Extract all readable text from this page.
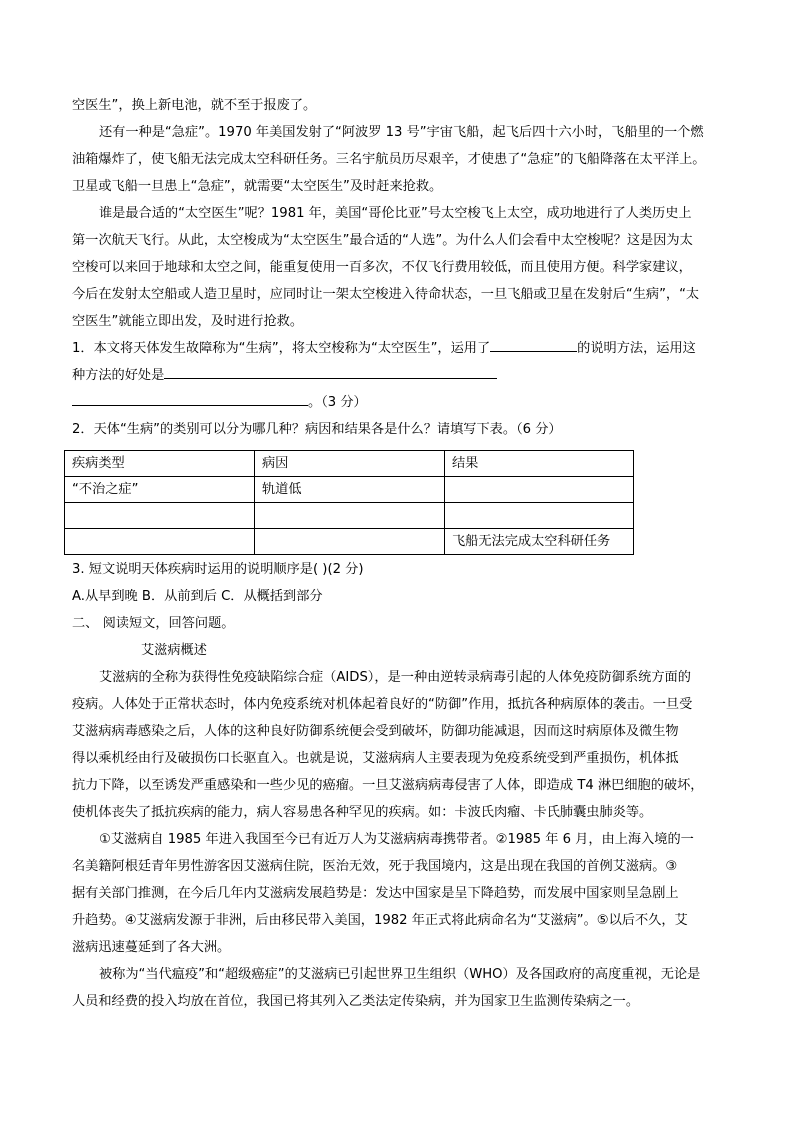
空医生”，换上新电池，就不至于报废了。
还有一种是“急症”。1970 年美国发射了“阿波罗 13 号”宇宙飞船，起飞后四十六小时，飞船里的一个燃
油箱爆炸了，使飞船无法完成太空科研任务。三名宇航员历尽艰辛，才使患了“急症”的飞船降落在太平洋上。
卫星或飞船一旦患上“急症”，就需要“太空医生”及时赶来抢救。
谁是最合适的“太空医生”呢？1981 年，美国“哥伦比亚”号太空梭飞上太空，成功地进行了人类历史上
第一次航天飞行。从此，太空梭成为“太空医生”最合适的“人选”。为什么人们会看中太空梭呢？这是因为太
空梭可以来回于地球和太空之间，能重复使用一百多次，不仅飞行费用较低，而且使用方便。科学家建议，
今后在发射太空船或人造卫星时，应同时让一架太空梭进入待命状态，一旦飞船或卫星在发射后“生病”，“太
空医生”就能立即出发，及时进行抢救。
1．本文将天体发生故障称为“生病”，将太空梭称为“太空医生”，运用了	的说明方法，运用这
种方法的好处是
。（3 分）
2．天体“生病”的类别可以分为哪几种？病因和结果各是什么？请填写下表。（6 分）
疾病类型	病因	结果
“不治之症”	轨道低	

		飞船无法完成太空科研任务
3. 短文说明天体疾病时运用的说明顺序是( )(2 分)
A.从早到晚 B．从前到后 C．从概括到部分
二、 阅读短文，回答问题。
艾滋病概述
艾滋病的全称为获得性免疫缺陷综合症（AIDS），是一种由逆转录病毒引起的人体免疫防御系统方面的
疫病。人体处于正常状态时，体内免疫系统对机体起着良好的“防御”作用，抵抗各种病原体的袭击。一旦受
艾滋病病毒感染之后，人体的这种良好防御系统便会受到破坏，防御功能减退，因而这时病原体及微生物
得以乘机经由行及破损伤口长驱直入。也就是说，艾滋病病人主要表现为免疫系统受到严重损伤，机体抵
抗力下降，以至诱发严重感染和一些少见的癌瘤。一旦艾滋病病毒侵害了人体，即造成 T4 淋巴细胞的破坏，
使机体丧失了抵抗疾病的能力，病人容易患各种罕见的疾病。如：卡波氏肉瘤、卡氏肺囊虫肺炎等。
①艾滋病自 1985 年进入我国至今已有近万人为艾滋病病毒携带者。②1985 年 6 月，由上海入境的一
名美籍阿根廷青年男性游客因艾滋病住院，医治无效，死于我国境内，这是出现在我国的首例艾滋病。③
据有关部门推测，在今后几年内艾滋病发展趋势是：发达中国家是呈下降趋势，而发展中国家则呈急剧上
升趋势。④艾滋病发源于非洲，后由移民带入美国，1982 年正式将此病命名为“艾滋病”。⑤以后不久，艾
滋病迅速蔓延到了各大洲。
被称为“当代瘟疫”和“超级癌症”的艾滋病已引起世界卫生组织（WHO）及各国政府的高度重视，无论是
人员和经费的投入均放在首位，我国已将其列入乙类法定传染病，并为国家卫生监测传染病之一。
